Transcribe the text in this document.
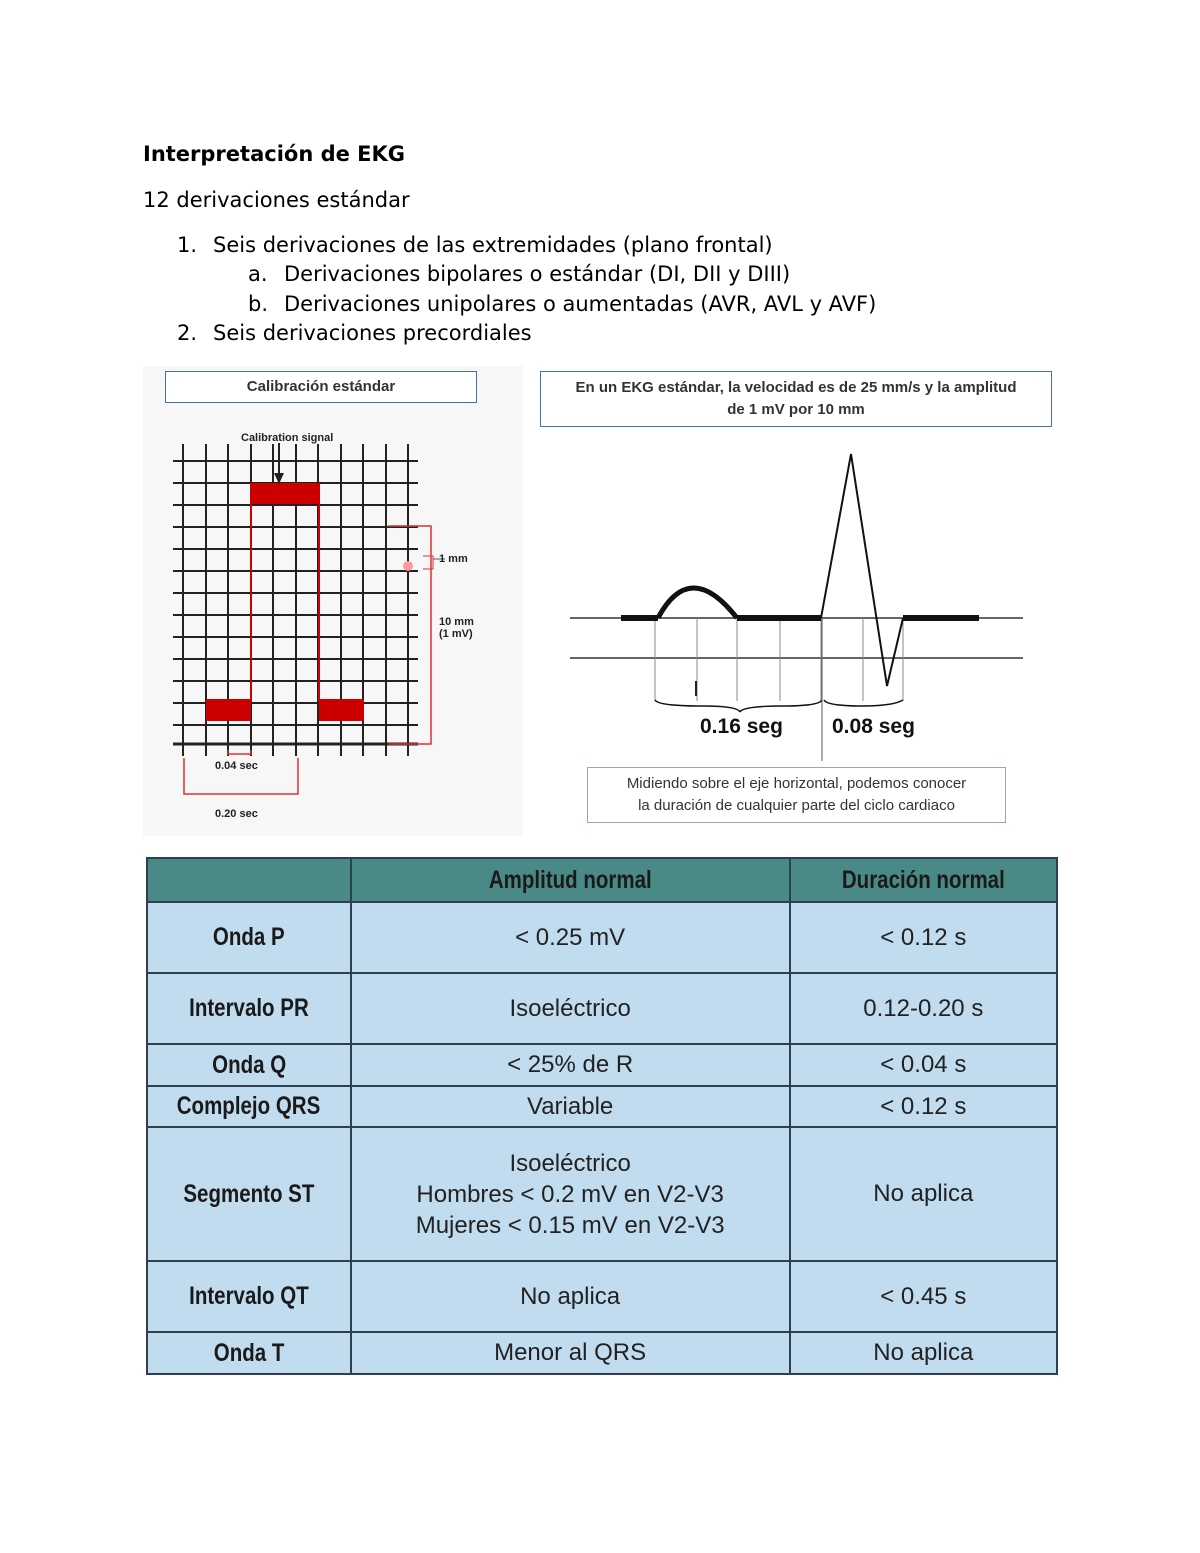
Interpretación de EKG
12 derivaciones estándar
1. Seis derivaciones de las extremidades (plano frontal)
a. Derivaciones bipolares o estándar (DI, DII y DIII)
b. Derivaciones unipolares o aumentadas (AVR, AVL y AVF)
2. Seis derivaciones precordiales
Calibration signal
1 mm
10 mm
(1 mV)
0.04 sec
0.20 sec
0.16 seg 0.08 seg
Calibración estándar	En un EKG estándar, la velocidad es de 25 mm/s y la amplitud
de 1 mV por 10 mm
Midiendo sobre el eje horizontal, podemos conocer
la duración de cualquier parte del ciclo cardiaco
	Amplitud normal	Duración normal
Onda P	< 0.25 mV	< 0.12 s
Intervalo PR	Isoeléctrico	0.12-0.20 s
Onda Q	< 25% de R	< 0.04 s
Complejo QRS	Variable	< 0.12 s
Segmento ST	Isoeléctrico
Hombres < 0.2 mV en V2-V3
Mujeres < 0.15 mV en V2-V3	No aplica
Intervalo QT	No aplica	< 0.45 s
Onda T	Menor al QRS	No aplica
